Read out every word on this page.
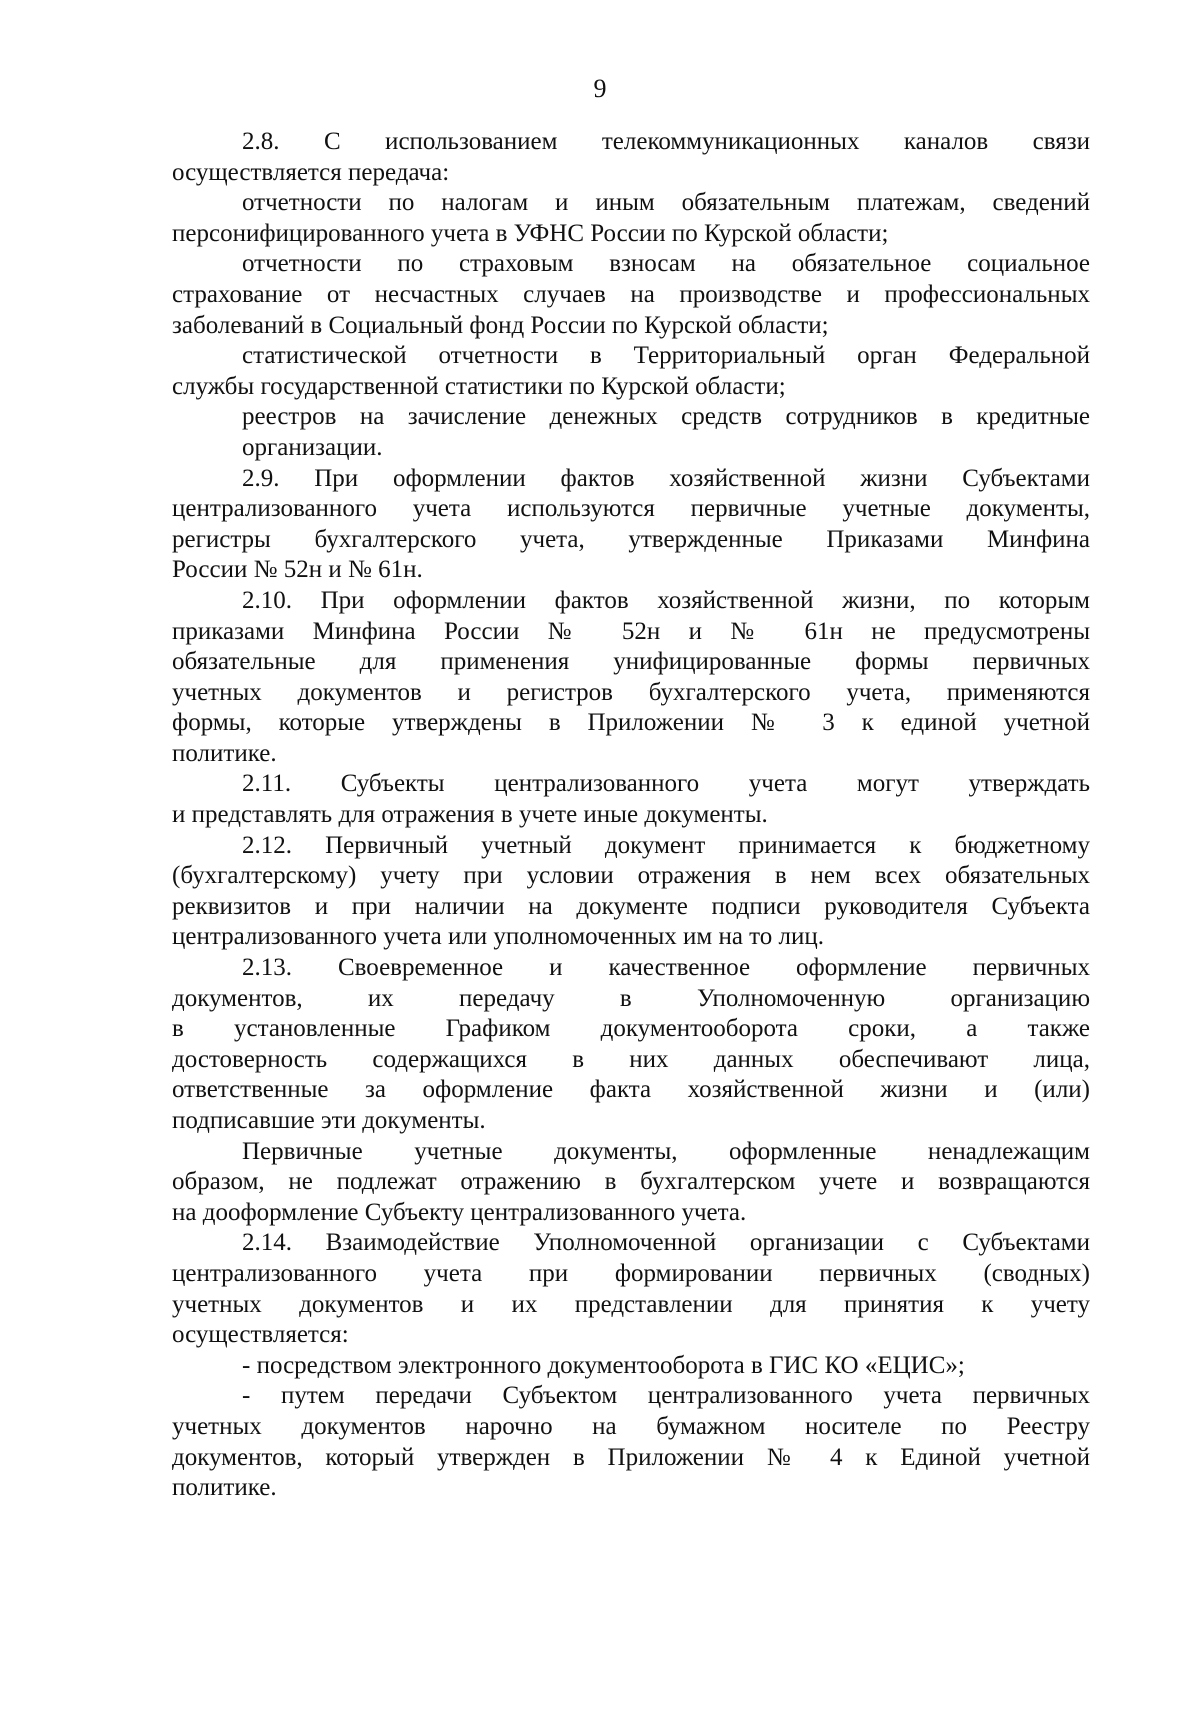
9
2.8. С использованием телекоммуникационных каналов связи
осуществляется передача:
отчетности по налогам и иным обязательным платежам, сведений
персонифицированного учета в УФНС России по Курской области;
отчетности по страховым взносам на обязательное социальное
страхование от несчастных случаев на производстве и профессиональных
заболеваний в Социальный фонд России по Курской области;
статистической отчетности в Территориальный орган Федеральной
службы государственной статистики по Курской области;
реестров на зачисление денежных средств сотрудников в кредитные
организации.
2.9. При оформлении фактов хозяйственной жизни Субъектами
централизованного учета используются первичные учетные документы,
регистры бухгалтерского учета, утвержденные Приказами Минфина
России № 52н и № 61н.
2.10. При оформлении фактов хозяйственной жизни, по которым
приказами Минфина России № 52н и № 61н не предусмотрены
обязательные для применения унифицированные формы первичных
учетных документов и регистров бухгалтерского учета, применяются
формы, которые утверждены в Приложении № 3 к единой учетной
политике.
2.11. Субъекты централизованного учета могут утверждать
и представлять для отражения в учете иные документы.
2.12. Первичный учетный документ принимается к бюджетному
(бухгалтерскому) учету при условии отражения в нем всех обязательных
реквизитов и при наличии на документе подписи руководителя Субъекта
централизованного учета или уполномоченных им на то лиц.
2.13. Своевременное и качественное оформление первичных
документов, их передачу в Уполномоченную организацию
в установленные Графиком документооборота сроки, а также
достоверность содержащихся в них данных обеспечивают лица,
ответственные за оформление факта хозяйственной жизни и (или)
подписавшие эти документы.
Первичные учетные документы, оформленные ненадлежащим
образом, не подлежат отражению в бухгалтерском учете и возвращаются
на дооформление Субъекту централизованного учета.
2.14. Взаимодействие Уполномоченной организации с Субъектами
централизованного учета при формировании первичных (сводных)
учетных документов и их представлении для принятия к учету
осуществляется:
- посредством электронного документооборота в ГИС КО «ЕЦИС»;
- путем передачи Субъектом централизованного учета первичных
учетных документов нарочно на бумажном носителе по Реестру
документов, который утвержден в Приложении № 4 к Единой учетной
политике.
